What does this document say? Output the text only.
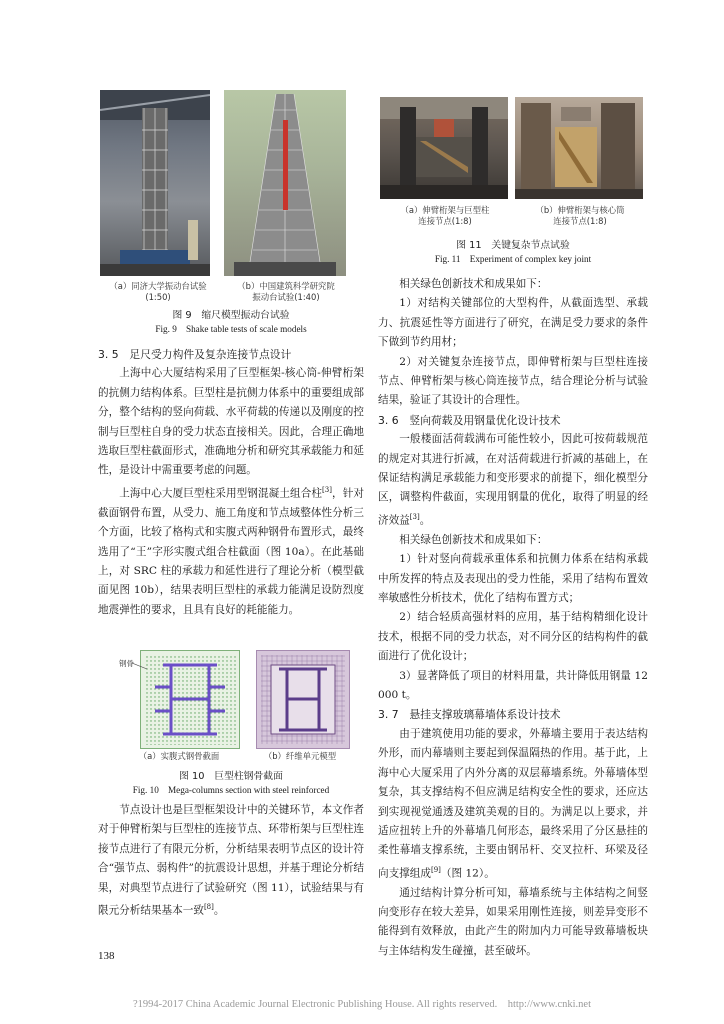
（a）同济大学振动台试验
(1:50)
（b）中国建筑科学研究院
振动台试验(1:40)

图 9　缩尺模型振动台试验

Fig. 9　Shake table tests of scale models

3. 5　足尺受力构件及复杂连接节点设计

上海中心大厦结构采用了巨型框架-核心筒-伸臂桁架的抗侧力结构体系。巨型柱是抗侧力体系中的重要组成部分，整个结构的竖向荷载、水平荷载的传递以及刚度的控制与巨型柱自身的受力状态直接相关。因此，合理正确地选取巨型柱截面形式，准确地分析和研究其承载能力和延性，是设计中需重要考虑的问题。

上海中心大厦巨型柱采用型钢混凝土组合柱[3]，针对截面钢骨布置，从受力、施工角度和节点域整体性分析三个方面，比较了格构式和实腹式两种钢骨布置形式，最终选用了“王”字形实腹式组合柱截面（图 10a）。在此基础上，对 SRC 柱的承载力和延性进行了理论分析（模型截面见图 10b），结果表明巨型柱的承载力能满足设防烈度地震弹性的要求，且具有良好的耗能能力。

钢骨
（a）实腹式钢骨截面	（b）纤维单元模型

图 10　巨型柱钢骨截面

Fig. 10　Mega-columns section with steel reinforced

节点设计也是巨型框架设计中的关键环节，本文作者对于伸臂桁架与巨型柱的连接节点、环带桁架与巨型柱连接节点进行了有限元分析，分析结果表明节点区的设计符合“强节点、弱构件”的抗震设计思想，并基于理论分析结果，对典型节点进行了试验研究（图 11），试验结果与有限元分析结果基本一致[8]。

138
（a）伸臂桁架与巨型柱
连接节点(1:8)
（b）伸臂桁架与核心筒
连接节点(1:8)

图 11　关键复杂节点试验

Fig. 11　Experiment of complex key joint

相关绿色创新技术和成果如下：

1）对结构关键部位的大型构件，从截面选型、承载力、抗震延性等方面进行了研究，在满足受力要求的条件下做到节约用材；

2）对关键复杂连接节点，即伸臂桁架与巨型柱连接节点、伸臂桁架与核心筒连接节点，结合理论分析与试验结果，验证了其设计的合理性。

3. 6　竖向荷载及用钢量优化设计技术

一般楼面活荷载满布可能性较小，因此可按荷载规范的规定对其进行折减，在对活荷载进行折减的基础上，在保证结构满足承载能力和变形要求的前提下，细化模型分区，调整构件截面，实现用钢量的优化，取得了明显的经济效益[3]。

相关绿色创新技术和成果如下：

1）针对竖向荷载承重体系和抗侧力体系在结构承载中所发挥的特点及表现出的受力性能，采用了结构布置效率敏感性分析技术，优化了结构布置方式；

2）结合轻质高强材料的应用，基于结构精细化设计技术，根据不同的受力状态，对不同分区的结构构件的截面进行了优化设计；

3）显著降低了项目的材料用量，共计降低用钢量 12 000 t。

3. 7　悬挂支撑玻璃幕墙体系设计技术

由于建筑使用功能的要求，外幕墙主要用于表达结构外形，而内幕墙则主要起到保温隔热的作用。基于此，上海中心大厦采用了内外分离的双层幕墙系统。外幕墙体型复杂，其支撑结构不但应满足结构安全性的要求，还应达到实现视觉通透及建筑美观的目的。为满足以上要求，并适应扭转上升的外幕墙几何形态，最终采用了分区悬挂的柔性幕墙支撑系统，主要由钢吊杆、交叉拉杆、环梁及径向支撑组成[9]（图 12）。

通过结构计算分析可知，幕墙系统与主体结构之间竖向变形存在较大差异，如果采用刚性连接，则差异变形不能得到有效释放，由此产生的附加内力可能导致幕墙板块与主体结构发生碰撞，甚至破坏。

?1994-2017 China Academic Journal Electronic Publishing House. All rights reserved.　http://www.cnki.net
